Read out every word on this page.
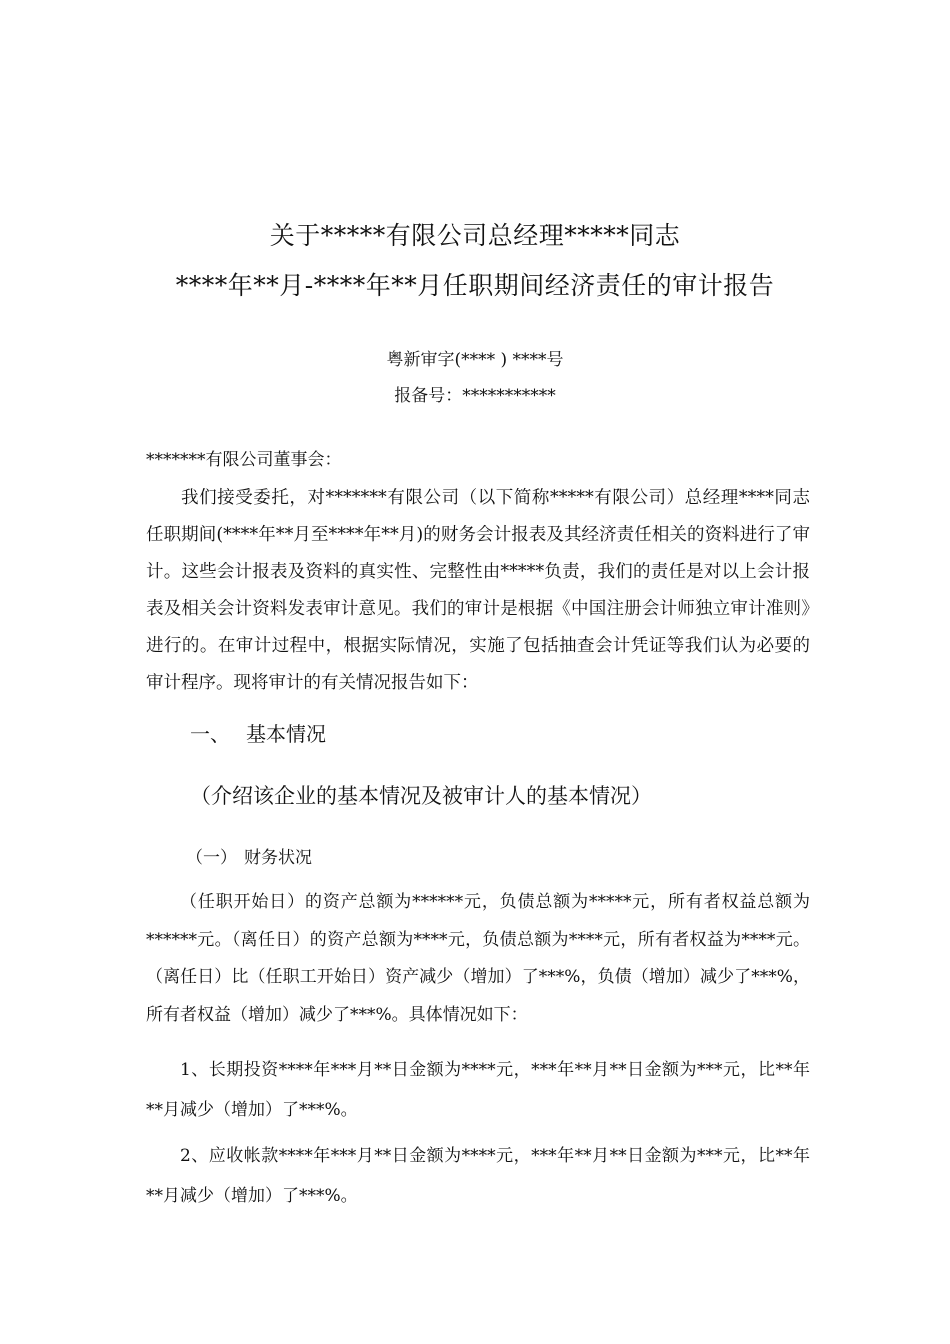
关于*****有限公司总经理*****同志
****年**月-****年**月任职期间经济责任的审计报告
粤新审字(**** ) ****号
报备号：***********
*******有限公司董事会：

我们接受委托，对*******有限公司（以下简称*****有限公司）总经理****同志任职期间(****年**月至****年**月)的财务会计报表及其经济责任相关的资料进行了审计。这些会计报表及资料的真实性、完整性由*****负责，我们的责任是对以上会计报表及相关会计资料发表审计意见。我们的审计是根据《中国注册会计师独立审计准则》进行的。在审计过程中，根据实际情况，实施了包括抽查会计凭证等我们认为必要的审计程序。现将审计的有关情况报告如下：

一、 基本情况
（介绍该企业的基本情况及被审计人的基本情况）
（一） 财务状况

（任职开始日）的资产总额为******元，负债总额为*****元，所有者权益总额为******元。（离任日）的资产总额为****元，负债总额为****元，所有者权益为****元。（离任日）比（任职工开始日）资产减少（增加）了***%，负债（增加）减少了***%，所有者权益（增加）减少了***%。具体情况如下：

1、长期投资****年***月**日金额为****元，***年**月**日金额为***元，比**年**月减少（增加）了***%。

2、应收帐款****年***月**日金额为****元，***年**月**日金额为***元，比**年**月减少（增加）了***%。
